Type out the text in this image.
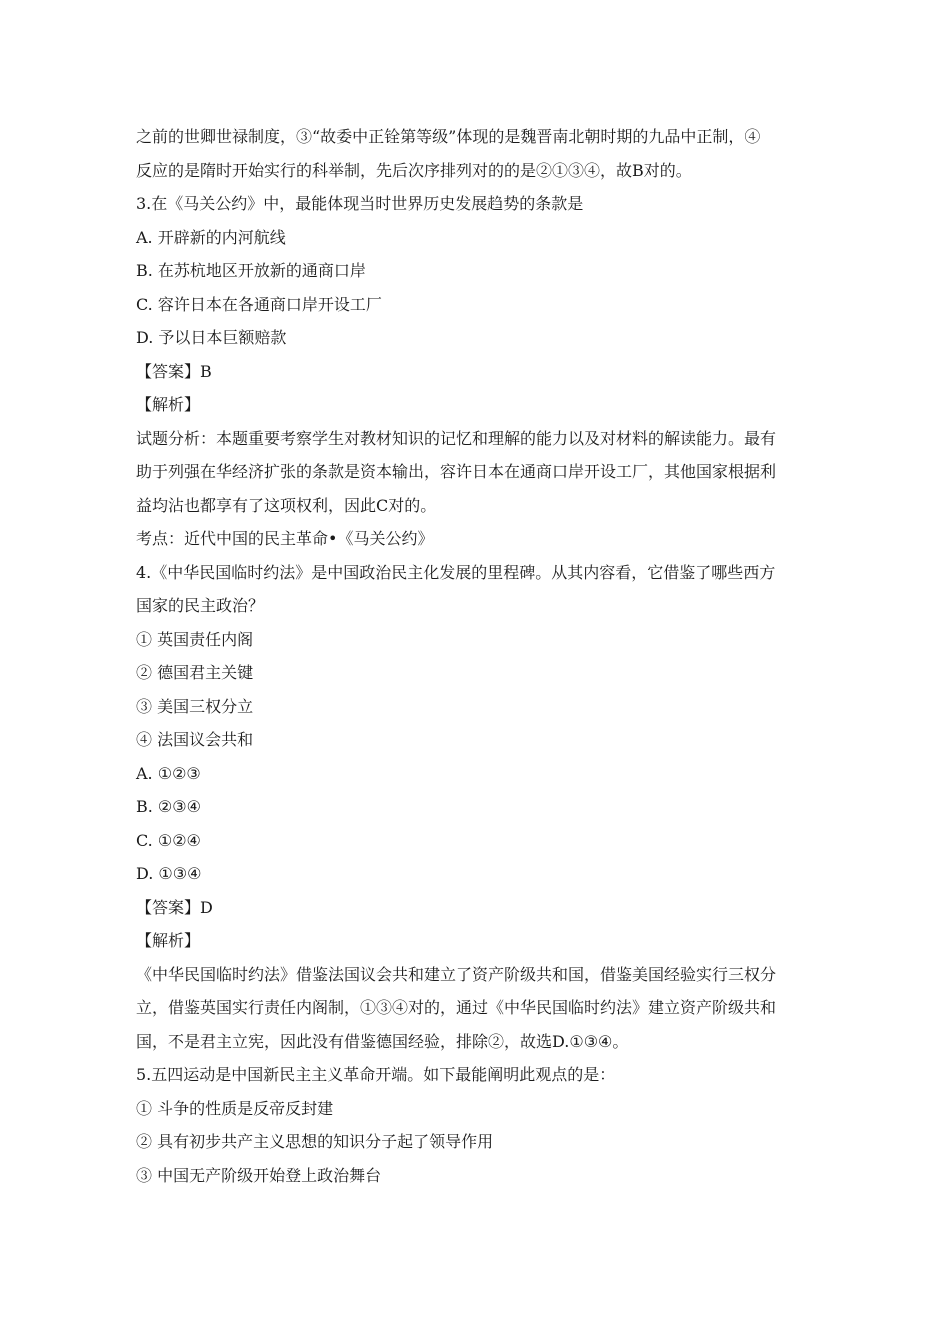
之前的世卿世禄制度，③“故委中正铨第等级”体现的是魏晋南北朝时期的九品中正制，④

反应的是隋时开始实行的科举制，先后次序排列对的的是②①③④，故B对的。

3.在《马关公约》中，最能体现当时世界历史发展趋势的条款是

A. 开辟新的内河航线

B. 在苏杭地区开放新的通商口岸

C. 容许日本在各通商口岸开设工厂

D. 予以日本巨额赔款

【答案】B

【解析】

试题分析：本题重要考察学生对教材知识的记忆和理解的能力以及对材料的解读能力。最有

助于列强在华经济扩张的条款是资本输出，容许日本在通商口岸开设工厂，其他国家根据利

益均沾也都享有了这项权利，因此C对的。

考点：近代中国的民主革命•《马关公约》

4.《中华民国临时约法》是中国政治民主化发展的里程碑。从其内容看，它借鉴了哪些西方

国家的民主政治？

① 英国责任内阁

② 德国君主关键

③ 美国三权分立

④ 法国议会共和

A. ①②③

B. ②③④

C. ①②④

D. ①③④

【答案】D

【解析】

《中华民国临时约法》借鉴法国议会共和建立了资产阶级共和国，借鉴美国经验实行三权分

立，借鉴英国实行责任内阁制，①③④对的，通过《中华民国临时约法》建立资产阶级共和

国，不是君主立宪，因此没有借鉴德国经验，排除②，故选D.①③④。

5.五四运动是中国新民主主义革命开端。如下最能阐明此观点的是：

① 斗争的性质是反帝反封建

② 具有初步共产主义思想的知识分子起了领导作用

③ 中国无产阶级开始登上政治舞台
